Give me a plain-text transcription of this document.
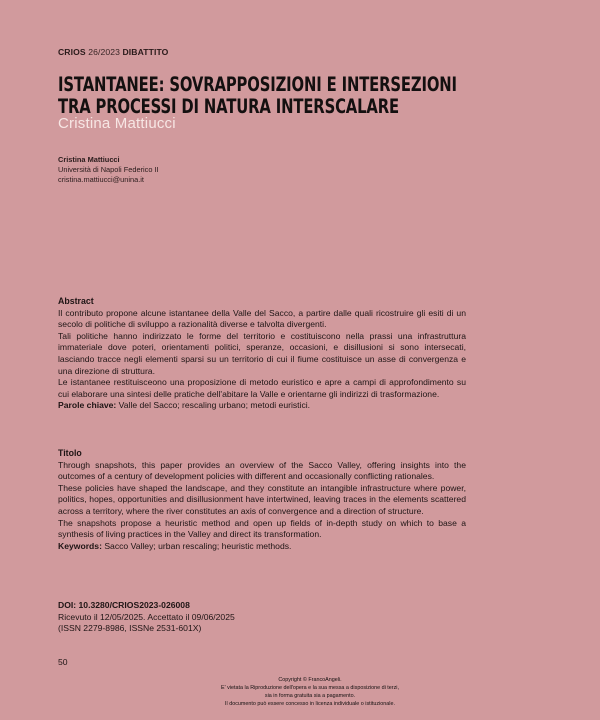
CRIOS 26/2023 DIBATTITO
ISTANTANEE: SOVRAPPOSIZIONI E INTERSEZIONI
TRA PROCESSI DI NATURA INTERSCALARE
Cristina Mattiucci
Cristina Mattiucci
Università di Napoli Federico II
cristina.mattiucci@unina.it
Abstract

Il contributo propone alcune istantanee della Valle del Sacco, a partire dalle quali ricostruire gli esiti di un secolo di politiche di sviluppo a razionalità diverse e talvolta divergenti.

Tali politiche hanno indirizzato le forme del territorio e costituiscono nella prassi una infrastruttura immateriale dove poteri, orientamenti politici, speranze, occasioni, e disillusioni si sono intersecati, lasciando tracce negli elementi sparsi su un territorio di cui il fiume costituisce un asse di convergenza e una direzione di struttura.

Le istantanee restituisceono una proposizione di metodo euristico e apre a campi di approfondimento su cui elaborare una sintesi delle pratiche dell'abitare la Valle e orientarne gli indirizzi di trasformazione.

Parole chiave: Valle del Sacco; rescaling urbano; metodi euristici.

Titolo

Through snapshots, this paper provides an overview of the Sacco Valley, offering insights into the outcomes of a century of development policies with different and occasionally conflicting rationales.

These policies have shaped the landscape, and they constitute an intangible infrastructure where power, politics, hopes, opportunities and disillusionment have intertwined, leaving traces in the elements scattered across a territory, where the river constitutes an axis of convergence and a direction of structure.

The snapshots propose a heuristic method and open up fields of in-depth study on which to base a synthesis of living practices in the Valley and direct its transformation.

Keywords: Sacco Valley; urban rescaling; heuristic methods.

DOI: 10.3280/CRIOS2023-026008
Ricevuto il 12/05/2025. Accettato il 09/06/2025
(ISSN 2279-8986, ISSNe 2531-601X)
50
Copyright © FrancoAngeli.
E' vietata la Riproduzione dell'opera e la sua messa a disposizione di terzi,
sia in forma gratuita sia a pagamento.
Il documento può essere concesso in licenza individuale o istituzionale.
